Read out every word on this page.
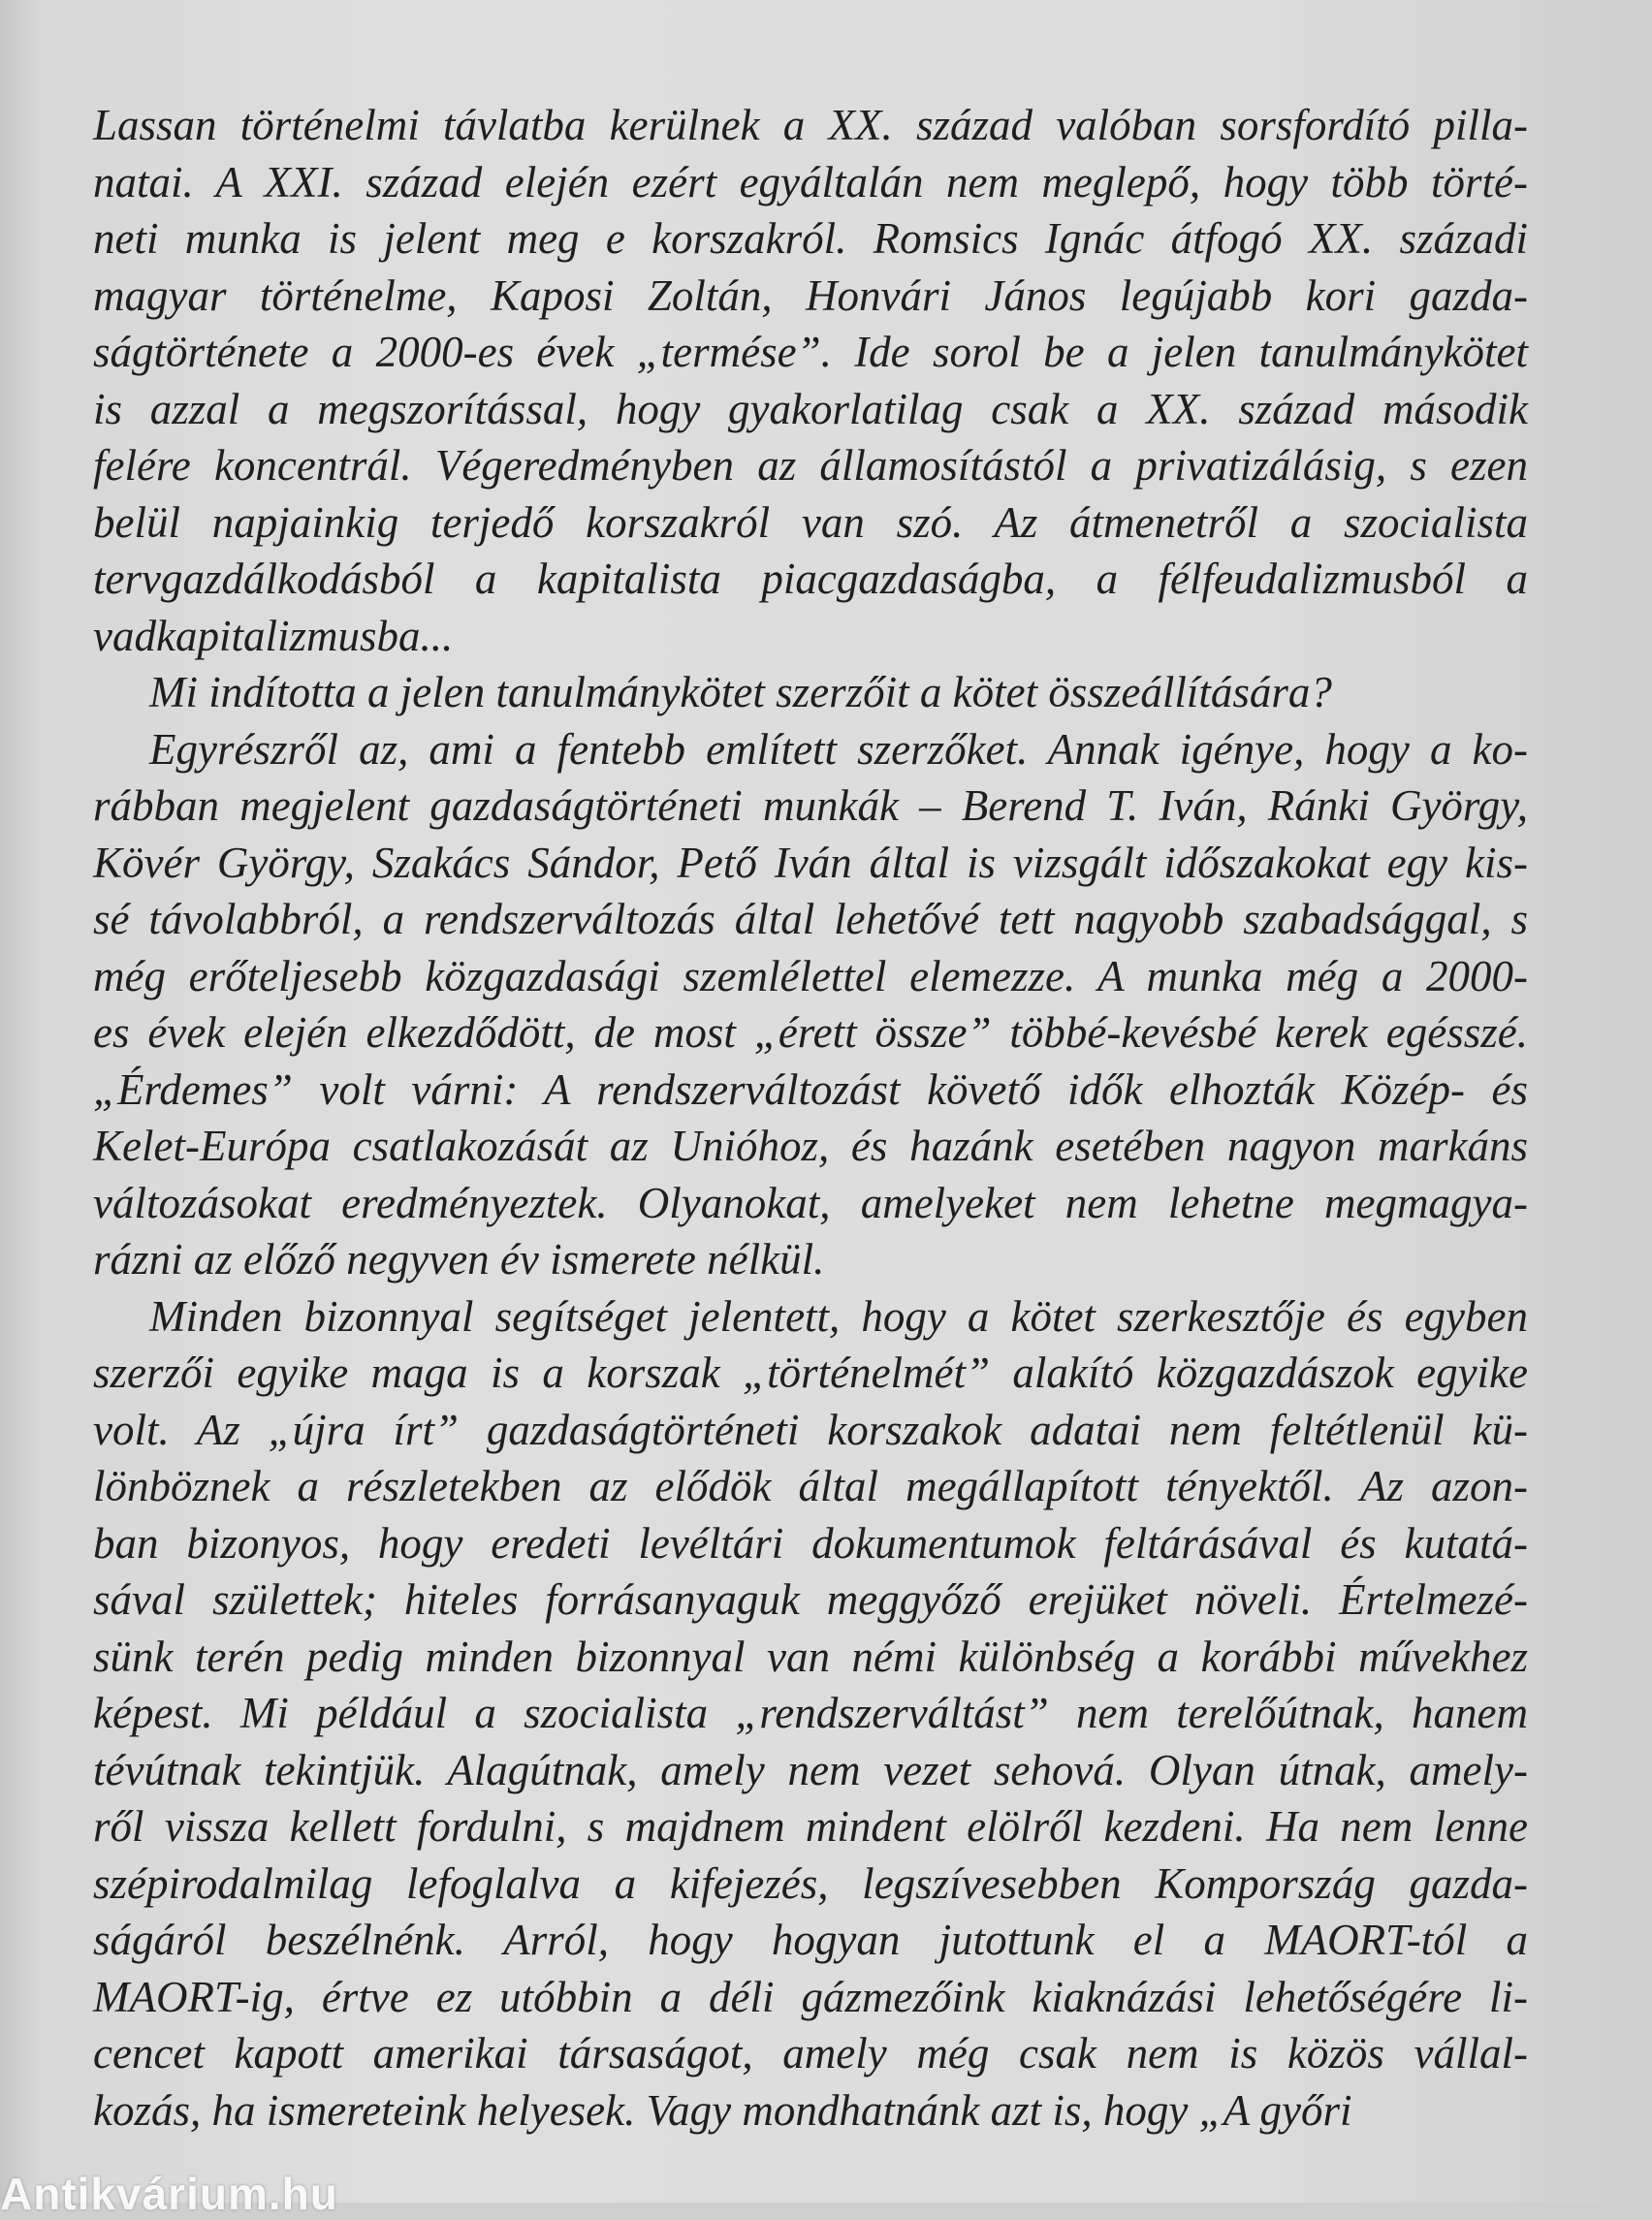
Lassan történelmi távlatba kerülnek a XX. század valóban sorsfordító pilla-
natai. A XXI. század elején ezért egyáltalán nem meglepő, hogy több törté-
neti munka is jelent meg e korszakról. Romsics Ignác átfogó XX. századi
magyar történelme, Kaposi Zoltán, Honvári János legújabb kori gazda-
ságtörténete a 2000-es évek „termése”. Ide sorol be a jelen tanulmánykötet
is azzal a megszorítással, hogy gyakorlatilag csak a XX. század második
felére koncentrál. Végeredményben az államosítástól a privatizálásig, s ezen
belül napjainkig terjedő korszakról van szó. Az átmenetről a szocialista
tervgazdálkodásból a kapitalista piacgazdaságba, a félfeudalizmusból a
vadkapitalizmusba...
Mi indította a jelen tanulmánykötet szerzőit a kötet összeállítására?
Egyrészről az, ami a fentebb említett szerzőket. Annak igénye, hogy a ko-
rábban megjelent gazdaságtörténeti munkák – Berend T. Iván, Ránki György,
Kövér György, Szakács Sándor, Pető Iván által is vizsgált időszakokat egy kis-
sé távolabbról, a rendszerváltozás által lehetővé tett nagyobb szabadsággal, s
még erőteljesebb közgazdasági szemlélettel elemezze. A munka még a 2000-
es évek elején elkezdődött, de most „érett össze” többé-kevésbé kerek egésszé.
„Érdemes” volt várni: A rendszerváltozást követő idők elhozták Közép- és
Kelet-Európa csatlakozását az Unióhoz, és hazánk esetében nagyon markáns
változásokat eredményeztek. Olyanokat, amelyeket nem lehetne megmagya-
rázni az előző negyven év ismerete nélkül.
Minden bizonnyal segítséget jelentett, hogy a kötet szerkesztője és egyben
szerzői egyike maga is a korszak „történelmét” alakító közgazdászok egyike
volt. Az „újra írt” gazdaságtörténeti korszakok adatai nem feltétlenül kü-
lönböznek a részletekben az elődök által megállapított tényektől. Az azon-
ban bizonyos, hogy eredeti levéltári dokumentumok feltárásával és kutatá-
sával születtek; hiteles forrásanyaguk meggyőző erejüket növeli. Értelmezé-
sünk terén pedig minden bizonnyal van némi különbség a korábbi művekhez
képest. Mi például a szocialista „rendszerváltást” nem terelőútnak, hanem
tévútnak tekintjük. Alagútnak, amely nem vezet sehová. Olyan útnak, amely-
ről vissza kellett fordulni, s majdnem mindent elölről kezdeni. Ha nem lenne
szépirodalmilag lefoglalva a kifejezés, legszívesebben Kompország gazda-
ságáról beszélnénk. Arról, hogy hogyan jutottunk el a MAORT-tól a
MAORT-ig, értve ez utóbbin a déli gázmezőink kiaknázási lehetőségére li-
cencet kapott amerikai társaságot, amely még csak nem is közös vállal-
kozás, ha ismereteink helyesek. Vagy mondhatnánk azt is, hogy „A győri
Antikvárium.hu
